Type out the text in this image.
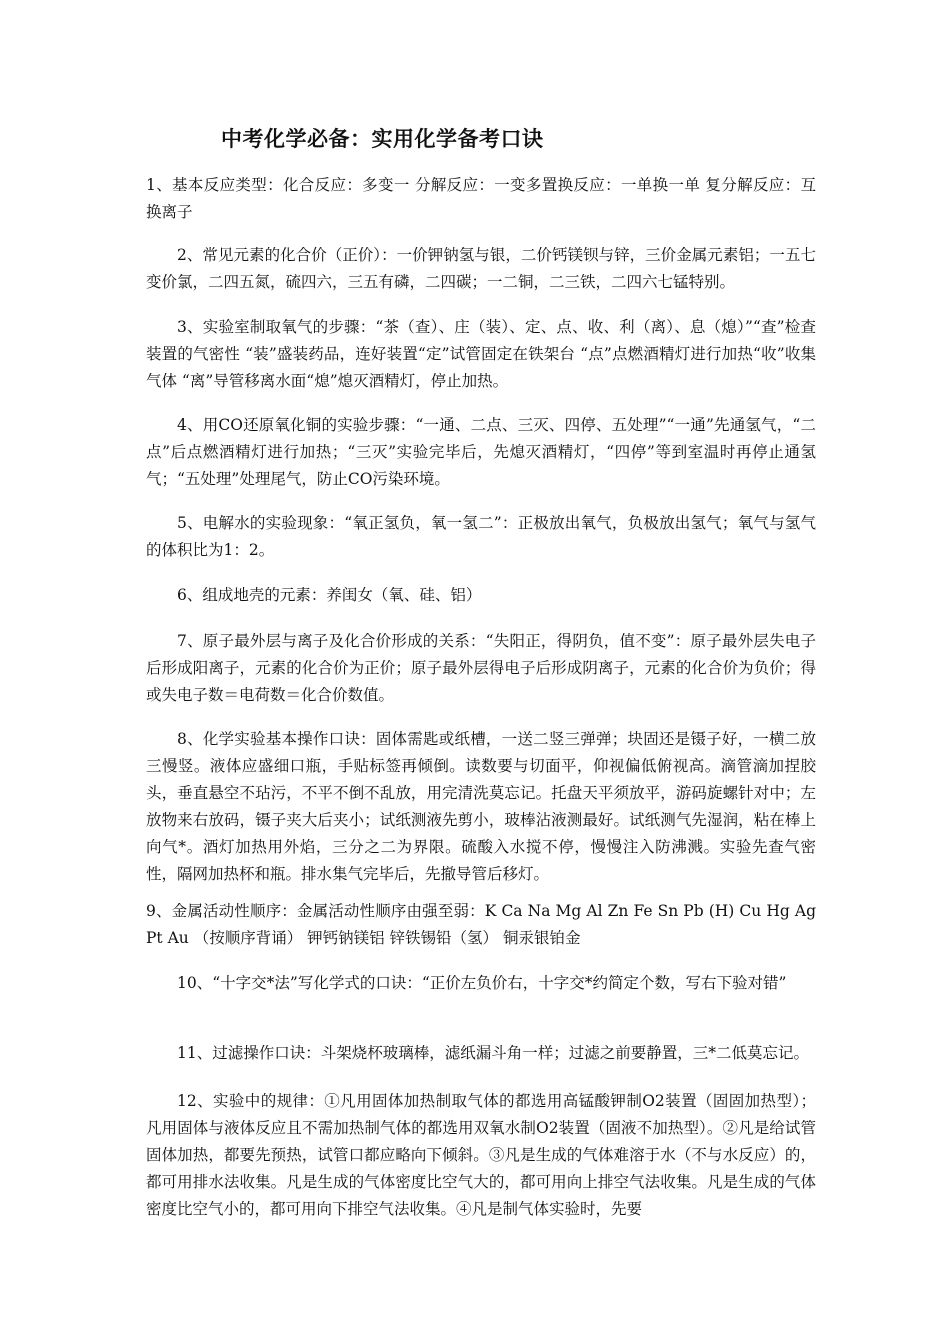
中考化学必备：实用化学备考口诀

1、基本反应类型：化合反应：多变一 分解反应：一变多置换反应：一单换一单 复分解反应：互换离子

2、常见元素的化合价（正价）：一价钾钠氢与银，二价钙镁钡与锌，三价金属元素铝；一五七变价氯，二四五氮，硫四六，三五有磷，二四碳；一二铜，二三铁，二四六七锰特别。

3、实验室制取氧气的步骤：“茶（查）、庄（装）、定、点、收、利（离）、息（熄）”“查”检查装置的气密性 “装”盛装药品，连好装置“定”试管固定在铁架台 “点”点燃酒精灯进行加热“收”收集气体 “离”导管移离水面“熄”熄灭酒精灯，停止加热。

4、用CO还原氧化铜的实验步骤：“一通、二点、三灭、四停、五处理”“一通”先通氢气，“二点”后点燃酒精灯进行加热；“三灭”实验完毕后，先熄灭酒精灯，“四停”等到室温时再停止通氢气；“五处理”处理尾气，防止CO污染环境。

5、电解水的实验现象：“氧正氢负，氧一氢二”：正极放出氧气，负极放出氢气；氧气与氢气的体积比为1：2。

6、组成地壳的元素：养闺女（氧、硅、铝）

7、原子最外层与离子及化合价形成的关系：“失阳正，得阴负，值不变”：原子最外层失电子后形成阳离子，元素的化合价为正价；原子最外层得电子后形成阴离子，元素的化合价为负价；得或失电子数＝电荷数＝化合价数值。

8、化学实验基本操作口诀：固体需匙或纸槽，一送二竖三弹弹；块固还是镊子好，一横二放三慢竖。液体应盛细口瓶，手贴标签再倾倒。读数要与切面平，仰视偏低俯视高。滴管滴加捏胶头，垂直悬空不玷污，不平不倒不乱放，用完清洗莫忘记。托盘天平须放平，游码旋螺针对中；左放物来右放码，镊子夹大后夹小；试纸测液先剪小，玻棒沾液测最好。试纸测气先湿润，粘在棒上向气*。酒灯加热用外焰，三分之二为界限。硫酸入水搅不停，慢慢注入防沸溅。实验先查气密性，隔网加热杯和瓶。排水集气完毕后，先撤导管后移灯。

9、金属活动性顺序：金属活动性顺序由强至弱：K Ca Na Mg Al Zn Fe Sn Pb (H) Cu Hg Ag Pt Au （按顺序背诵） 钾钙钠镁铝 锌铁锡铅（氢） 铜汞银铂金

10、“十字交*法”写化学式的口诀：“正价左负价右，十字交*约简定个数，写右下验对错”

11、过滤操作口诀：斗架烧杯玻璃棒，滤纸漏斗角一样；过滤之前要静置，三*二低莫忘记。

12、实验中的规律：①凡用固体加热制取气体的都选用高锰酸钾制O2装置（固固加热型）；凡用固体与液体反应且不需加热制气体的都选用双氧水制O2装置（固液不加热型）。②凡是给试管固体加热，都要先预热，试管口都应略向下倾斜。③凡是生成的气体难溶于水（不与水反应）的，都可用排水法收集。凡是生成的气体密度比空气大的，都可用向上排空气法收集。凡是生成的气体密度比空气小的，都可用向下排空气法收集。④凡是制气体实验时，先要
